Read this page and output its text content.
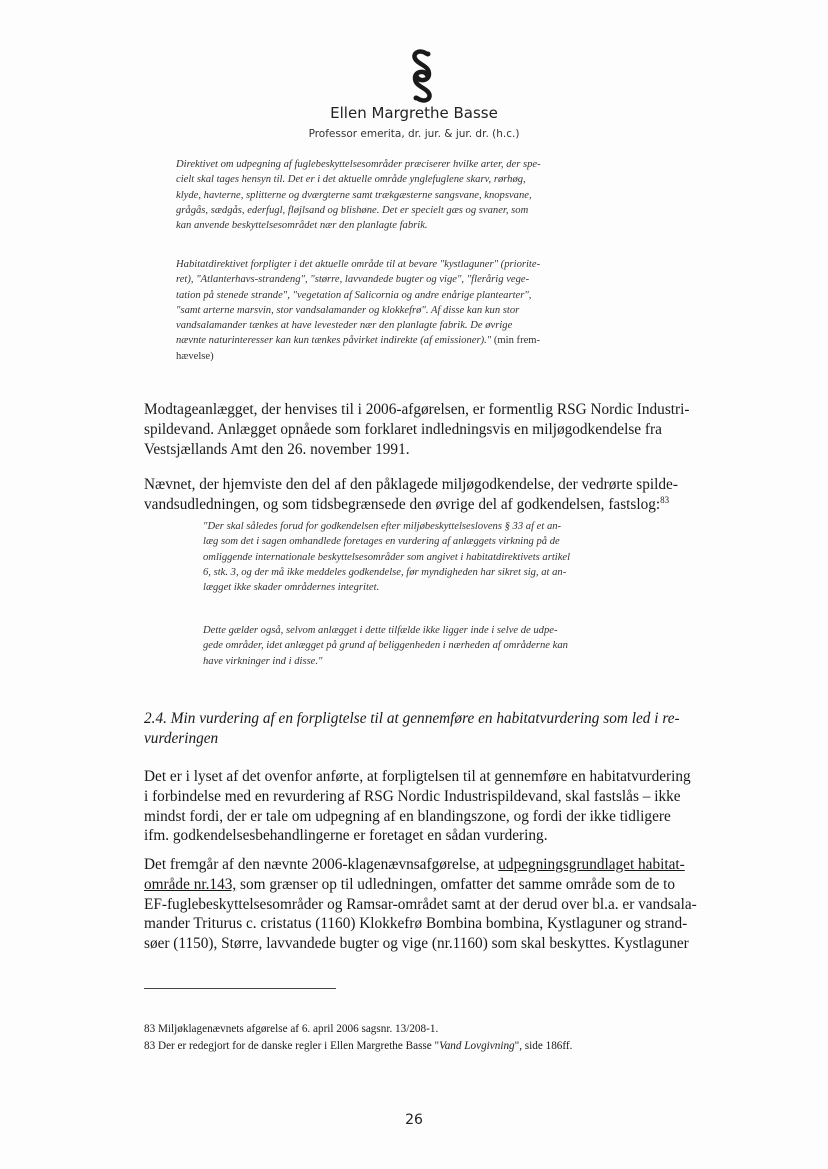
Ellen Margrethe Basse
Professor emerita, dr. jur. & jur. dr. (h.c.)

Direktivet om udpegning af fuglebeskyttelsesområder præciserer hvilke arter, der spe-
cielt skal tages hensyn til. Det er i det aktuelle område ynglefuglene skarv, rørhøg,
klyde, havterne, splitterne og dværgterne samt trækgæsterne sangsvane, knopsvane,
grågås, sædgås, ederfugl, fløjlsand og blishøne. Det er specielt gæs og svaner, som
kan anvende beskyttelsesområdet nær den planlagte fabrik.

Habitatdirektivet forpligter i det aktuelle område til at bevare "kystlaguner" (priorite-
ret), "Atlanterhavs-strandeng", "større, lavvandede bugter og vige", "flerårig vege-
tation på stenede strande", "vegetation af Salicornia og andre enårige plantearter",
"samt arterne marsvin, stor vandsalamander og klokkefrø". Af disse kan kun stor
vandsalamander tænkes at have levesteder nær den planlagte fabrik. De øvrige
nævnte naturinteresser kan kun tænkes påvirket indirekte (af emissioner)." (min frem-
hævelse)

Modtageanlægget, der henvises til i 2006-afgørelsen, er formentlig RSG Nordic Industri-
spildevand. Anlægget opnåede som forklaret indledningsvis en miljøgodkendelse fra
Vestsjællands Amt den 26. november 1991.

Nævnet, der hjemviste den del af den påklagede miljøgodkendelse, der vedrørte spilde-
vandsudledningen, og som tidsbegrænsede den øvrige del af godkendelsen, fastslog:$^{83}$

"Der skal således forud for godkendelsen efter miljøbeskyttelseslovens § 33 af et an-
læg som det i sagen omhandlede foretages en vurdering af anlæggets virkning på de
omliggende internationale beskyttelsesområder som angivet i habitatdirektivets artikel
6, stk. 3, og der må ikke meddeles godkendelse, før myndigheden har sikret sig, at an-
lægget ikke skader områdernes integritet.

Dette gælder også, selvom anlægget i dette tilfælde ikke ligger inde i selve de udpe-
gede områder, idet anlægget på grund af beliggenheden i nærheden af områderne kan
have virkninger ind i disse."

2.4. Min vurdering af en forpligtelse til at gennemføre en habitatvurdering som led i re-
vurderingen

Det er i lyset af det ovenfor anførte, at forpligtelsen til at gennemføre en habitatvurdering
i forbindelse med en revurdering af RSG Nordic Industrispildevand, skal fastslås – ikke
mindst fordi, der er tale om udpegning af en blandingszone, og fordi der ikke tidligere
ifm. godkendelsesbehandlingerne er foretaget en sådan vurdering.

Det fremgår af den nævnte 2006-klagenævnsafgørelse, at udpegningsgrundlaget habitat-
område nr.143, som grænser op til udledningen, omfatter det samme område som de to
EF-fuglebeskyttelsesområder og Ramsar-området samt at der derud over bl.a. er vandsala-
mander Triturus c. cristatus (1160) Klokkefrø Bombina bombina, Kystlaguner og strand-
søer (1150), Større, lavvandede bugter og vige (nr.1160) som skal beskyttes. Kystlaguner

83 Miljøklagenævnets afgørelse af 6. april 2006 sagsnr. 13/208-1.

83 Der er redegjort for de danske regler i Ellen Margrethe Basse "Vand Lovgivning", side 186ff.

26
